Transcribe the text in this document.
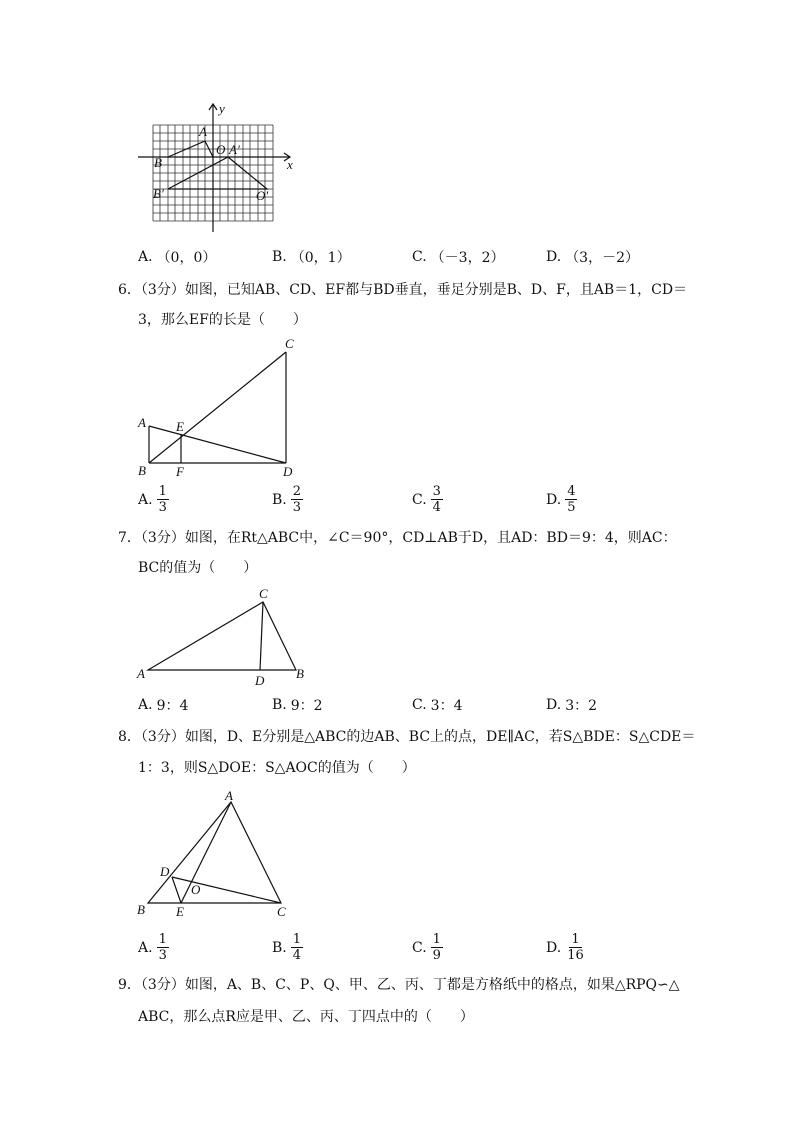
y
x
A
O A′
B
B′	O′
A. （0，0）	B. （0，1）	C. （－3，2）	D. （3，－2）
6．（3分）如图，已知AB、CD、EF都与BD垂直，垂足分别是B、D、F，且AB＝1，CD＝
3，那么EF的长是（　　）
A
B
C
D
E
F
A. $\frac{1}{3}$	B. $\frac{2}{3}$	C. $\frac{3}{4}$	D. $\frac{4}{5}$
7．（3分）如图，在Rt△ABC中，∠C＝90°，CD⊥AB于D，且AD：BD＝9：4，则AC：
BC的值为（　　）
A	B
C
D
A. 9：4	B. 9：2	C. 3：4	D. 3：2
8．（3分）如图，D、E分别是△ABC的边AB、BC上的点，DE∥AC，若S△BDE：S△CDE＝
1：3，则S△DOE：S△AOC的值为（　　）
A
B	C
D
E
O
A. $\frac{1}{3}$	B. $\frac{1}{4}$	C. $\frac{1}{9}$	D. $\frac{1}{16}$
9．（3分）如图，A、B、C、P、Q、甲、乙、丙、丁都是方格纸中的格点，如果△RPQ∽△
ABC，那么点R应是甲、乙、丙、丁四点中的（　　）
